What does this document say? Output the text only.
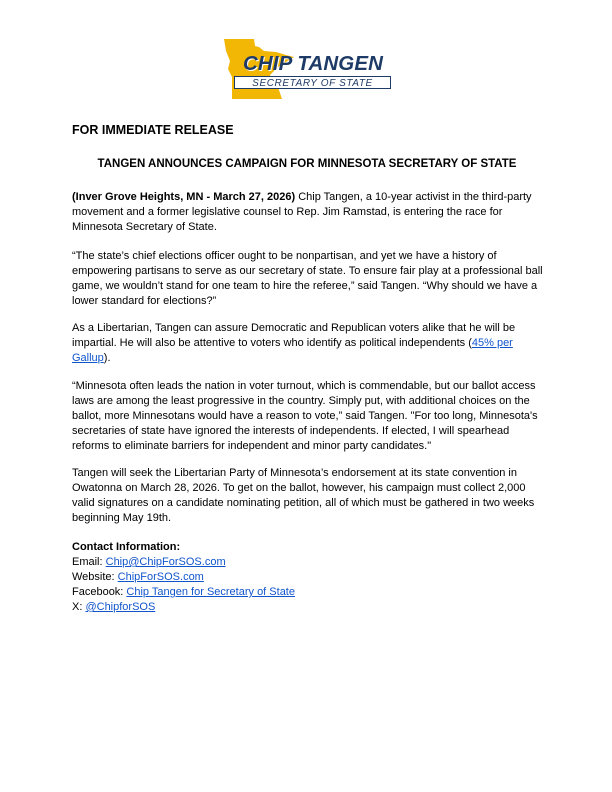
CHIP TANGEN
SECRETARY OF STATE
FOR IMMEDIATE RELEASE
TANGEN ANNOUNCES CAMPAIGN FOR MINNESOTA SECRETARY OF STATE

(Inver Grove Heights, MN - March 27, 2026) Chip Tangen, a 10-year activist in the third-party movement and a former legislative counsel to Rep. Jim Ramstad, is entering the race for Minnesota Secretary of State.

“The state’s chief elections officer ought to be nonpartisan, and yet we have a history of empowering partisans to serve as our secretary of state. To ensure fair play at a professional ball game, we wouldn’t stand for one team to hire the referee,” said Tangen. “Why should we have a lower standard for elections?”

As a Libertarian, Tangen can assure Democratic and Republican voters alike that he will be impartial. He will also be attentive to voters who identify as political independents (45% per Gallup).

“Minnesota often leads the nation in voter turnout, which is commendable, but our ballot access laws are among the least progressive in the country. Simply put, with additional choices on the ballot, more Minnesotans would have a reason to vote,” said Tangen. "For too long, Minnesota's secretaries of state have ignored the interests of independents. If elected, I will spearhead reforms to eliminate barriers for independent and minor party candidates."

Tangen will seek the Libertarian Party of Minnesota’s endorsement at its state convention in Owatonna on March 28, 2026. To get on the ballot, however, his campaign must collect 2,000 valid signatures on a candidate nominating petition, all of which must be gathered in two weeks beginning May 19th.

Contact Information:
Email: Chip@ChipForSOS.com
Website: ChipForSOS.com
Facebook: Chip Tangen for Secretary of State
X: @ChipforSOS
